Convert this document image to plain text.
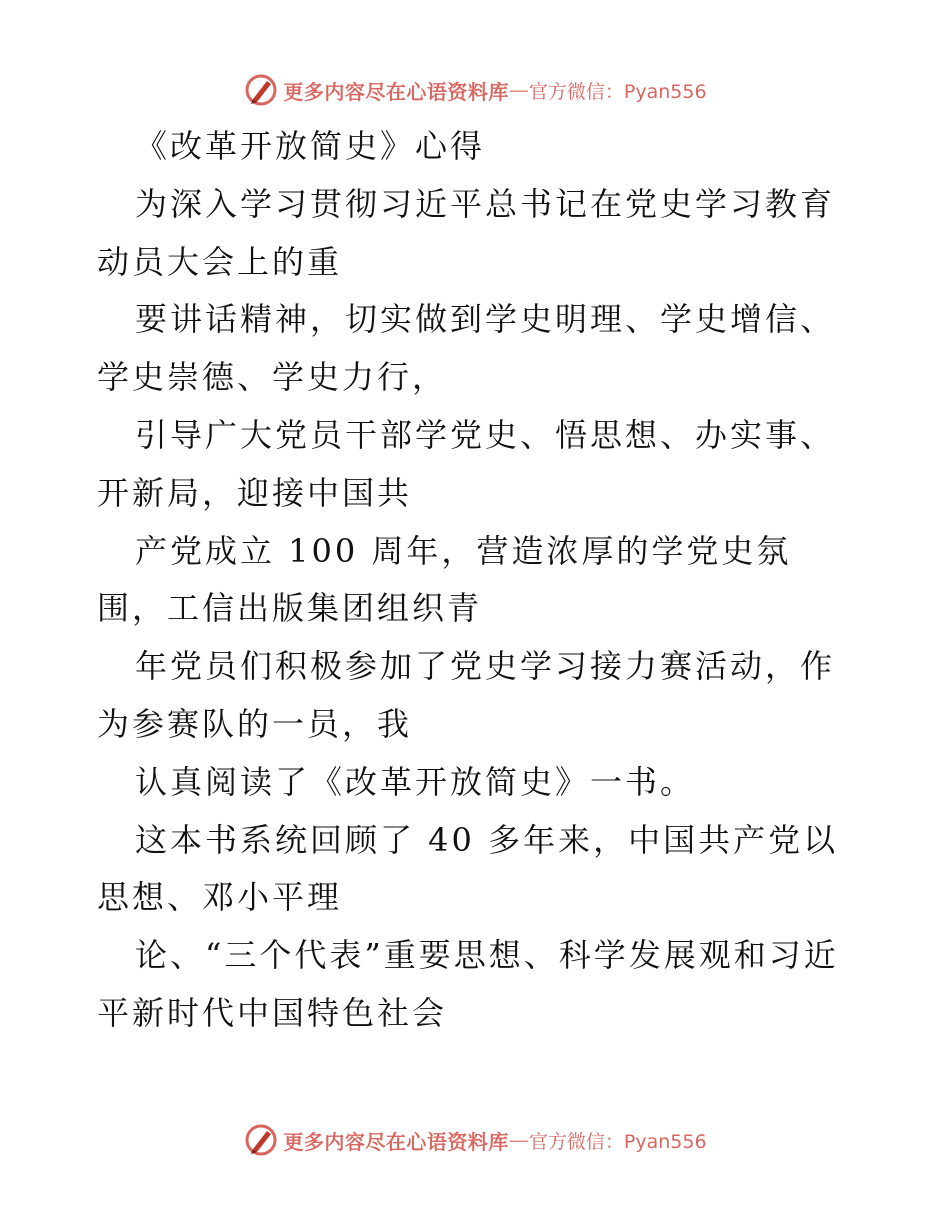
更多内容尽在心语资料库 — 官方微信：Pyan556

《改革开放简史》心得

为深入学习贯彻习近平总书记在党史学习教育动员大会上的重

要讲话精神，切实做到学史明理、学史增信、学史崇德、学史力行，

引导广大党员干部学党史、悟思想、办实事、开新局，迎接中国共

产党成立 100 周年，营造浓厚的学党史氛围，工信出版集团组织青

年党员们积极参加了党史学习接力赛活动，作为参赛队的一员，我

认真阅读了《改革开放简史》一书。

这本书系统回顾了 40 多年来，中国共产党以思想、邓小平理

论、“三个代表”重要思想、科学发展观和习近平新时代中国特色社会

更多内容尽在心语资料库 — 官方微信：Pyan556
